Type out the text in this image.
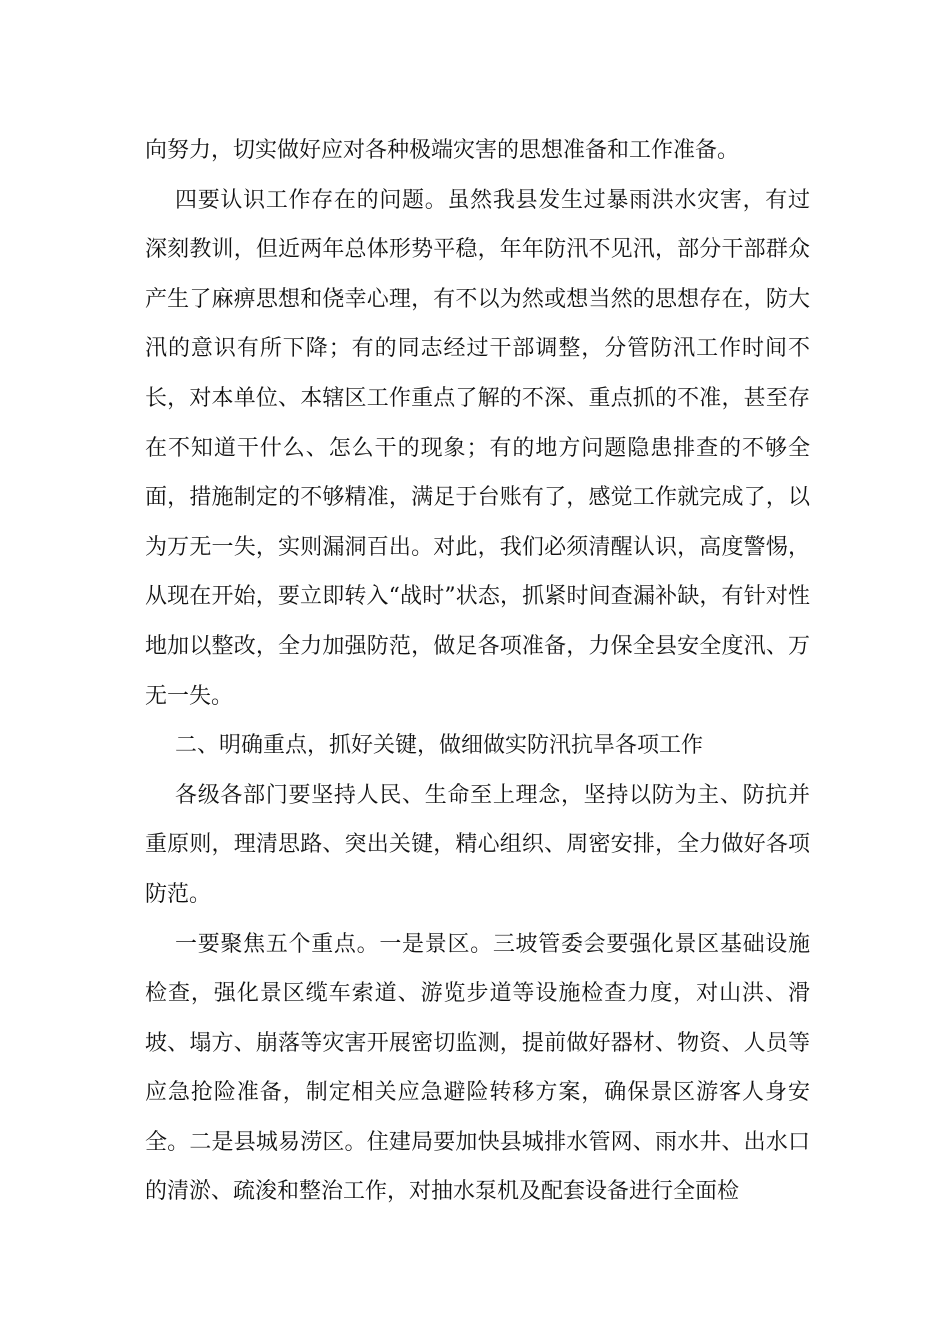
向努力，切实做好应对各种极端灾害的思想准备和工作准备。

四要认识工作存在的问题。虽然我县发生过暴雨洪水灾害，有过深刻教训，但近两年总体形势平稳，年年防汛不见汛，部分干部群众产生了麻痹思想和侥幸心理，有不以为然或想当然的思想存在，防大汛的意识有所下降；有的同志经过干部调整，分管防汛工作时间不长，对本单位、本辖区工作重点了解的不深、重点抓的不准，甚至存在不知道干什么、怎么干的现象；有的地方问题隐患排查的不够全面，措施制定的不够精准，满足于台账有了，感觉工作就完成了，以为万无一失，实则漏洞百出。对此，我们必须清醒认识，高度警惕，从现在开始，要立即转入“战时”状态，抓紧时间查漏补缺，有针对性地加以整改，全力加强防范，做足各项准备，力保全县安全度汛、万无一失。

二、明确重点，抓好关键，做细做实防汛抗旱各项工作

各级各部门要坚持人民、生命至上理念，坚持以防为主、防抗并重原则，理清思路、突出关键，精心组织、周密安排，全力做好各项防范。

一要聚焦五个重点。一是景区。三坡管委会要强化景区基础设施检查，强化景区缆车索道、游览步道等设施检查力度，对山洪、滑坡、塌方、崩落等灾害开展密切监测，提前做好器材、物资、人员等应急抢险准备，制定相关应急避险转移方案，确保景区游客人身安全。二是县城易涝区。住建局要加快县城排水管网、雨水井、出水口的清淤、疏浚和整治工作，对抽水泵机及配套设备进行全面检
